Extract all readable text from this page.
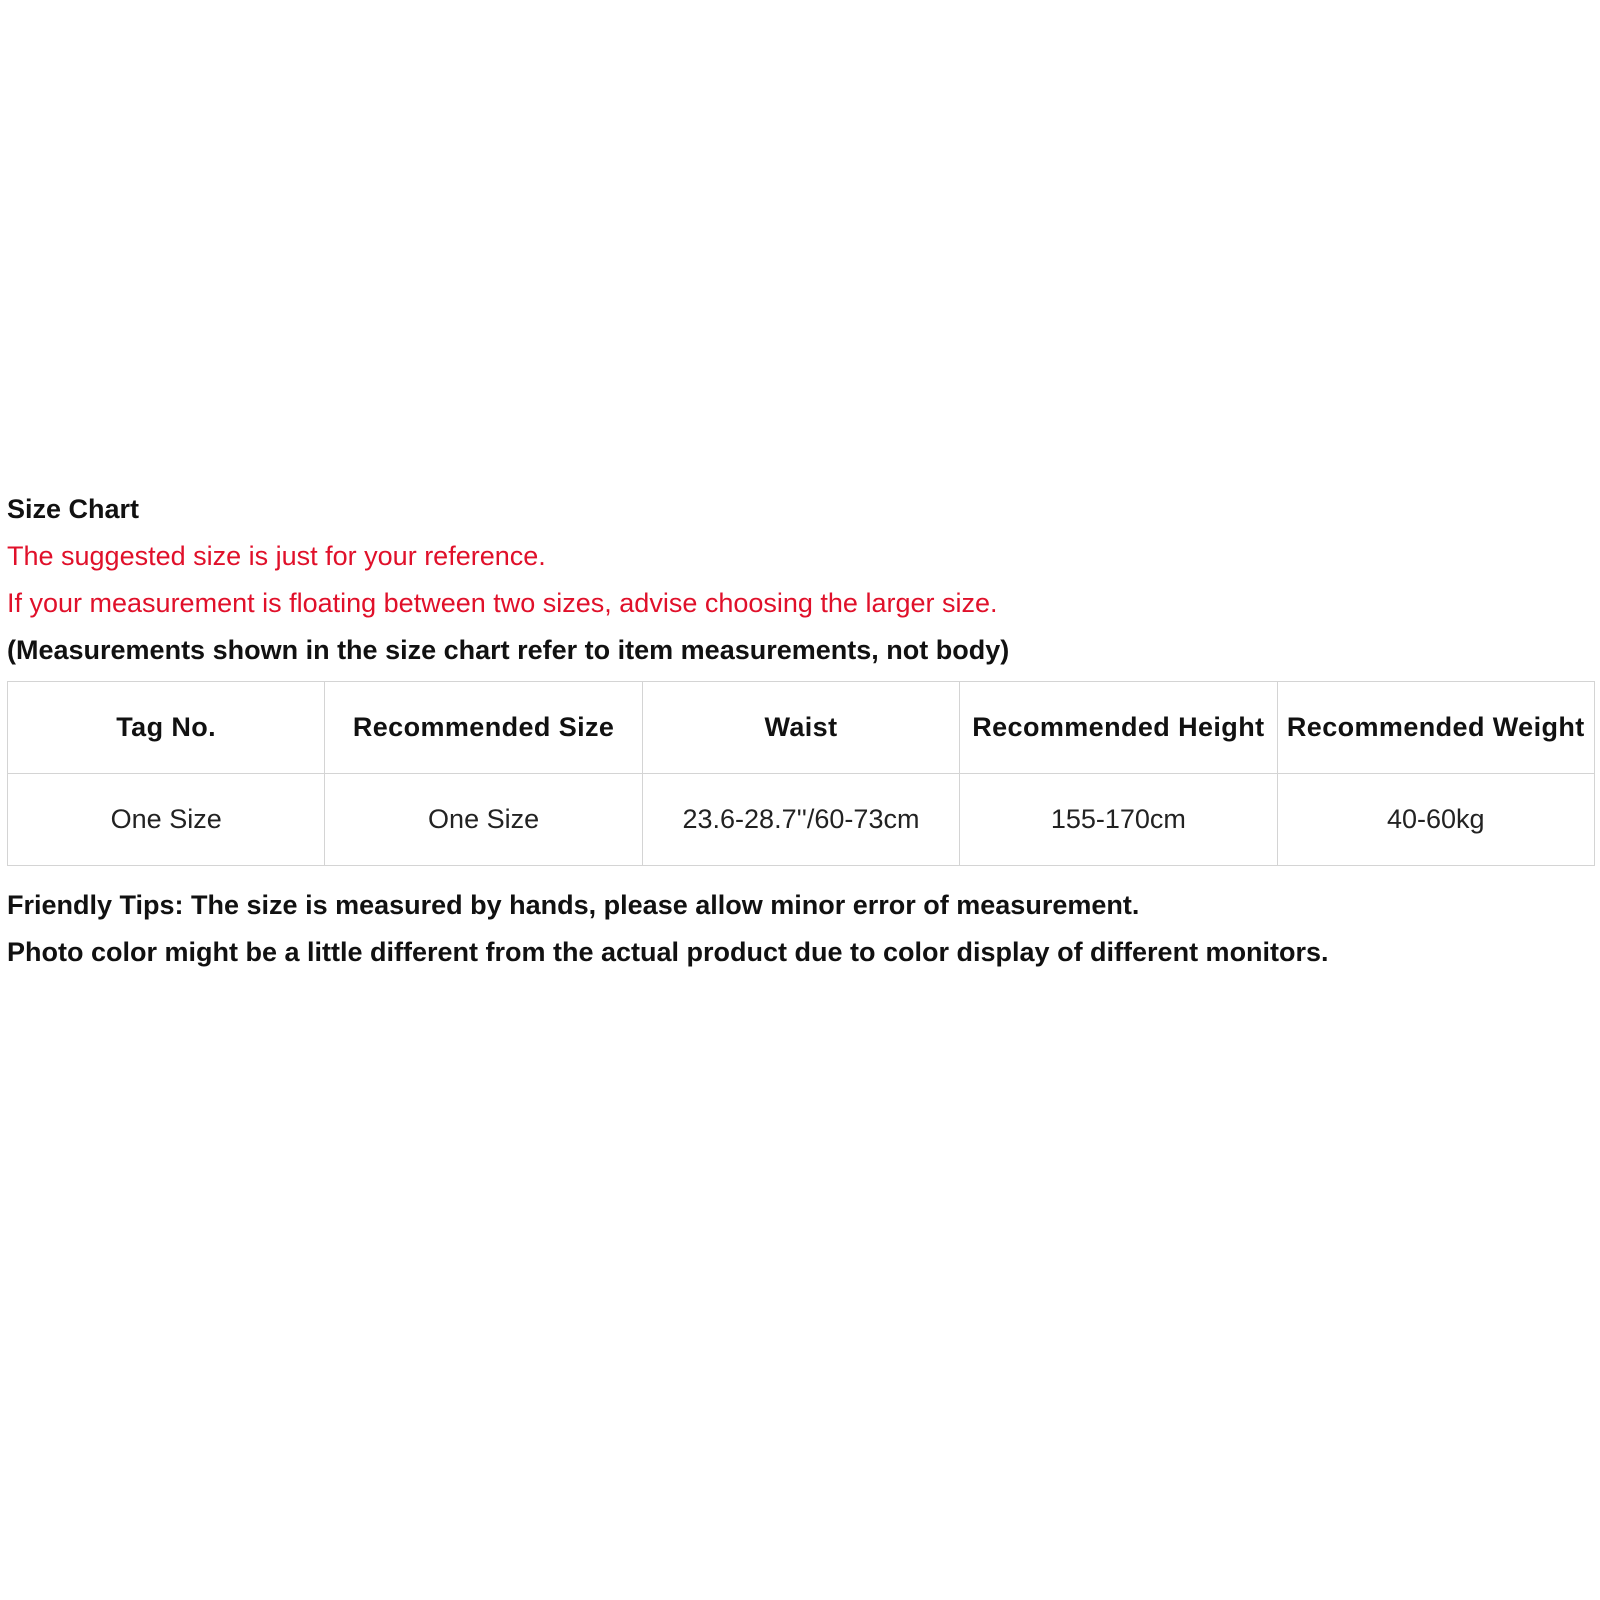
Size Chart
The suggested size is just for your reference.
If your measurement is floating between two sizes, advise choosing the larger size.
(Measurements shown in the size chart refer to item measurements, not body)
Tag No.	Recommended Size	Waist	Recommended Height	Recommended Weight
One Size	One Size	23.6-28.7''/60-73cm	155-170cm	40-60kg
Friendly Tips: The size is measured by hands, please allow minor error of measurement.
Photo color might be a little different from the actual product due to color display of different monitors.
